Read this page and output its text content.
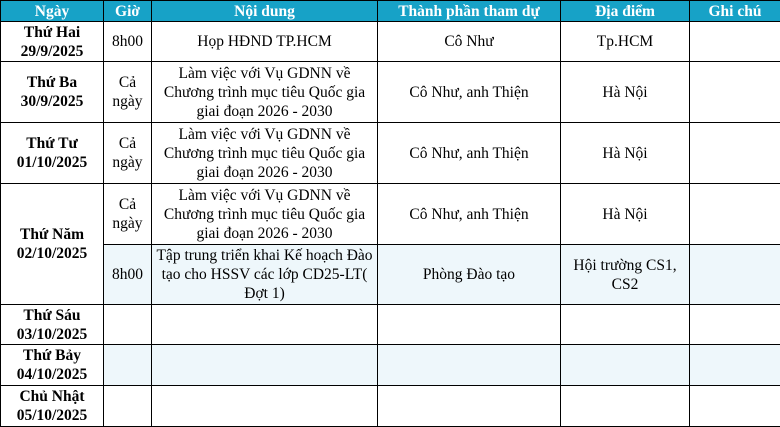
Ngày	Giờ	Nội dung	Thành phần tham dự	Địa điểm	Ghi chú

Thứ Hai
29/9/2025	8h00	Họp HĐND TP.HCM	Cô Như	Tp.HCM	

Thứ Ba
30/9/2025	Cả ngày	Làm việc với Vụ GDNN về Chương trình mục tiêu Quốc gia giai đoạn 2026 - 2030	Cô Như, anh Thiện	Hà Nội	

Thứ Tư
01/10/2025	Cả ngày	Làm việc với Vụ GDNN về Chương trình mục tiêu Quốc gia giai đoạn 2026 - 2030	Cô Như, anh Thiện	Hà Nội	

Thứ Năm
02/10/2025	Cả ngày	Làm việc với Vụ GDNN về Chương trình mục tiêu Quốc gia giai đoạn 2026 - 2030	Cô Như, anh Thiện	Hà Nội	
	8h00	Tập trung triển khai Kế hoạch Đào tạo cho HSSV các lớp CD25-LT( Đợt 1)	Phòng Đào tạo	Hội trường CS1, CS2	

Thứ Sáu
03/10/2025					

Thứ Bảy
04/10/2025					

Chủ Nhật
05/10/2025					
